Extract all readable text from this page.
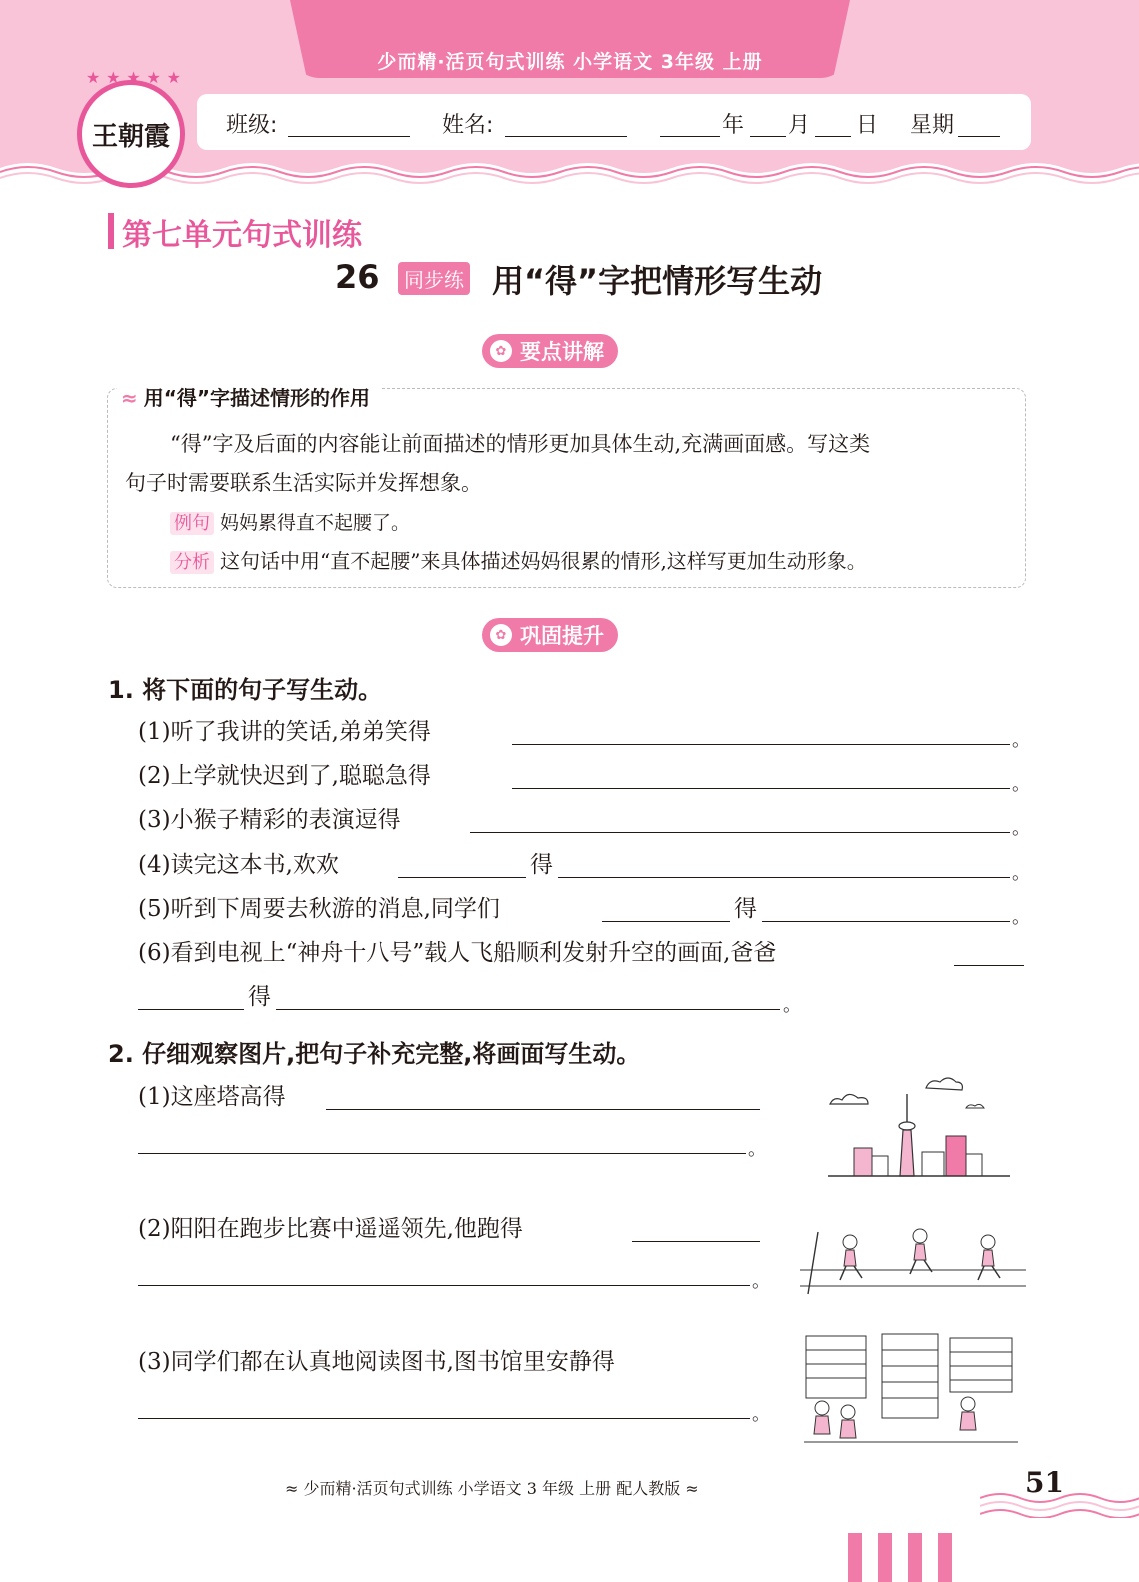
少而精·活页句式训练 小学语文 3年级 上册
王朝霞
★ ★ ★ ★ ★
班级:	姓名:	年 月 日 星期
第七单元句式训练
26	同步练 用“得”字把情形写生动
✿ 要点讲解
≈ 用“得”字描述情形的作用
“得”字及后面的内容能让前面描述的情形更加具体生动,充满画面感。写这类
句子时需要联系生活实际并发挥想象。
例句 妈妈累得直不起腰了。
分析 这句话中用“直不起腰”来具体描述妈妈很累的情形,这样写更加生动形象。
✿ 巩固提升
1. 将下面的句子写生动。
(1)听了我讲的笑话,弟弟笑得	。
(2)上学就快迟到了,聪聪急得	。
(3)小猴子精彩的表演逗得	。
(4)读完这本书,欢欢	得	。
(5)听到下周要去秋游的消息,同学们	得	。
(6)看到电视上“神舟十八号”载人飞船顺利发射升空的画面,爸爸
得	。
2. 仔细观察图片,把句子补充完整,将画面写生动。
(1)这座塔高得
。
(2)阳阳在跑步比赛中遥遥领先,他跑得
。
(3)同学们都在认真地阅读图书,图书馆里安静得
。
≈ 少而精·活页句式训练 小学语文 3 年级 上册 配人教版 ≈	51
